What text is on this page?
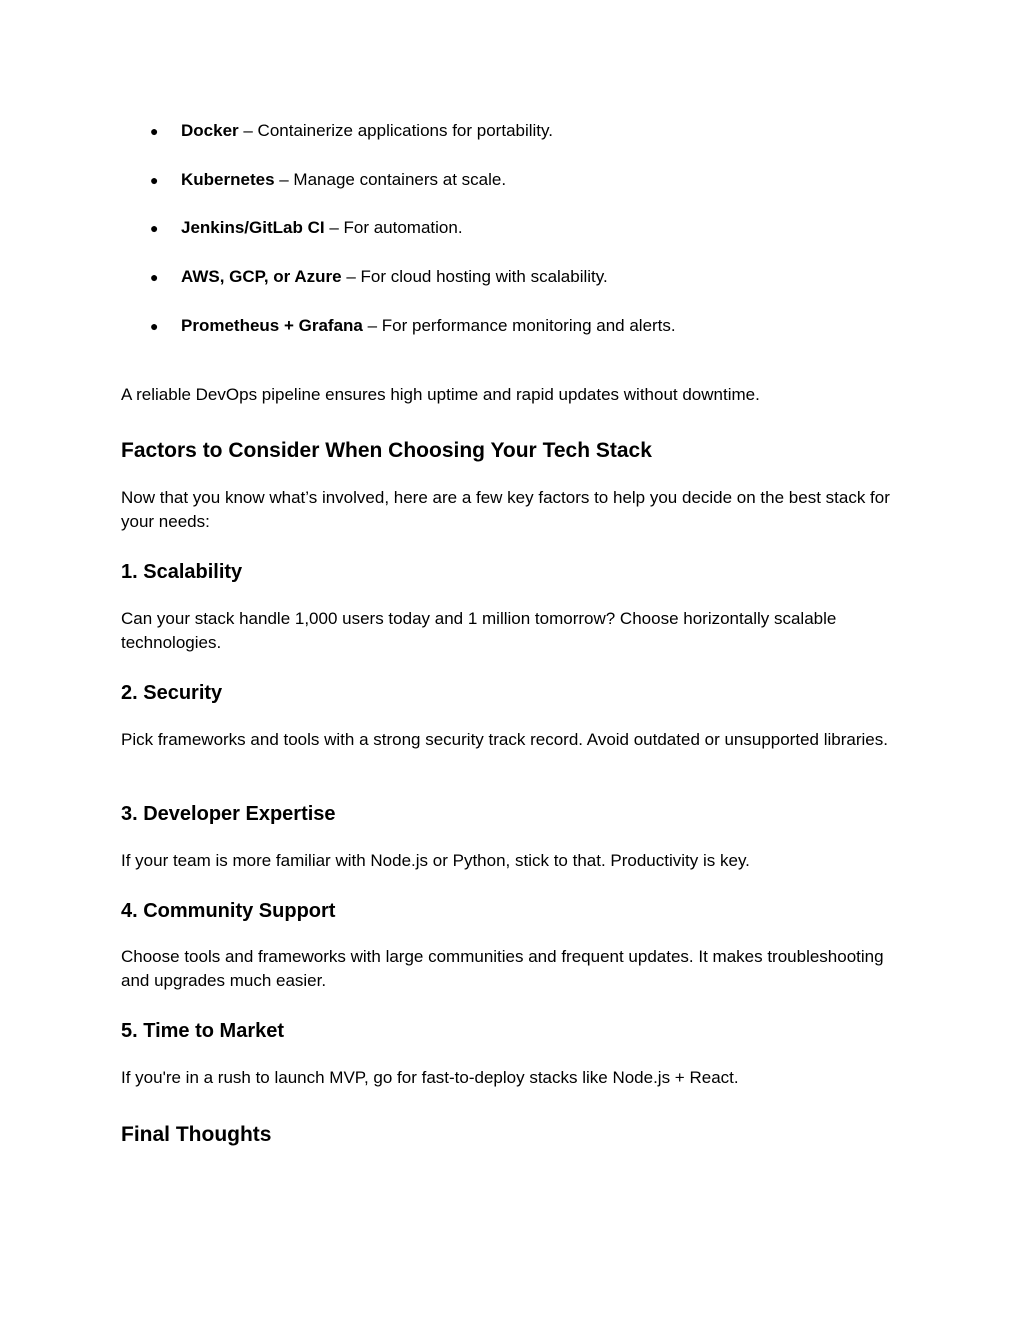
● Docker – Containerize applications for portability.
● Kubernetes – Manage containers at scale.
● Jenkins/GitLab CI – For automation.
● AWS, GCP, or Azure – For cloud hosting with scalability.
● Prometheus + Grafana – For performance monitoring and alerts.

A reliable DevOps pipeline ensures high uptime and rapid updates without downtime.

Factors to Consider When Choosing Your Tech Stack

Now that you know what’s involved, here are a few key factors to help you decide on the best stack for your needs:

1. Scalability

Can your stack handle 1,000 users today and 1 million tomorrow? Choose horizontally scalable technologies.

2. Security

Pick frameworks and tools with a strong security track record. Avoid outdated or unsupported libraries.

3. Developer Expertise

If your team is more familiar with Node.js or Python, stick to that. Productivity is key.

4. Community Support

Choose tools and frameworks with large communities and frequent updates. It makes troubleshooting and upgrades much easier.

5. Time to Market

If you're in a rush to launch MVP, go for fast-to-deploy stacks like Node.js + React.

Final Thoughts
